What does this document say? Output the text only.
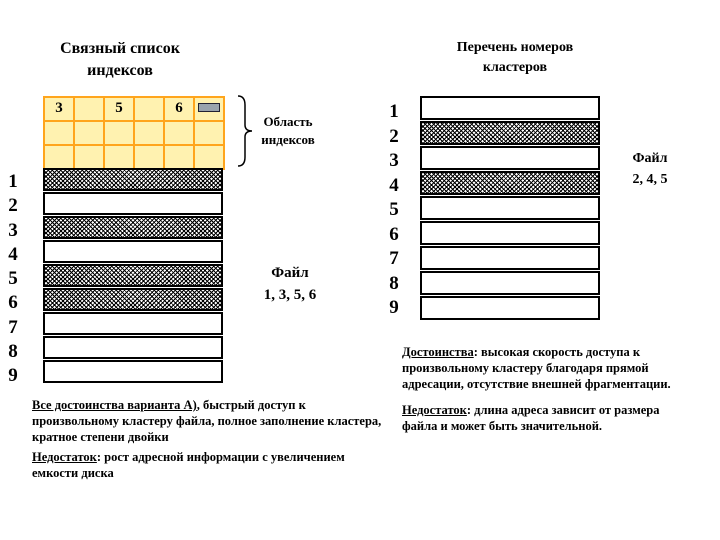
Связный список
индексов
Перечень номеров
кластеров
3	5	6
Область
индексов
1
2
3
4
5
6
7
8
9
Файл
1, 3, 5, 6
1
2
3
4
5
6
7
8
9
Файл
2, 4, 5
Все достоинства варианта А), быстрый доступ к произвольному кластеру файла, полное заполнение кластера, кратное степени двойки
Недостаток: рост адресной информации с увеличением емкости диска
Достоинства: высокая скорость доступа к произвольному кластеру благодаря прямой адресации, отсутствие внешней фрагментации.
Недостаток: длина адреса зависит от размера файла и может быть значительной.
